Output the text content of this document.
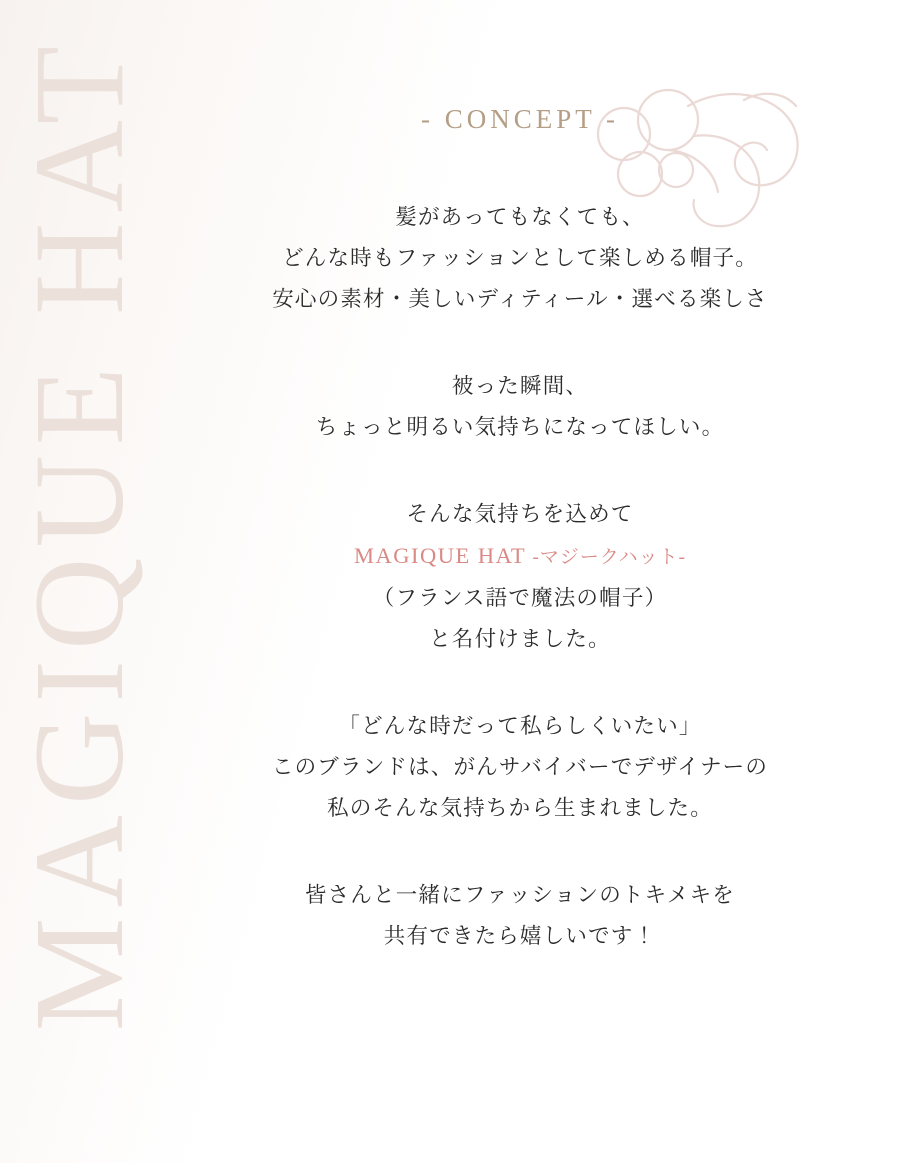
MAGIQUE HAT	- CONCEPT -
髪があってもなくても、
どんな時もファッションとして楽しめる帽子。
安心の素材・美しいディティール・選べる楽しさ
被った瞬間、
ちょっと明るい気持ちになってほしい。
そんな気持ちを込めて
MAGIQUE HAT -マジークハット-
（フランス語で魔法の帽子）
と名付けました。
「どんな時だって私らしくいたい」
このブランドは、がんサバイバーでデザイナーの
私のそんな気持ちから生まれました。
皆さんと一緒にファッションのトキメキを
共有できたら嬉しいです！
